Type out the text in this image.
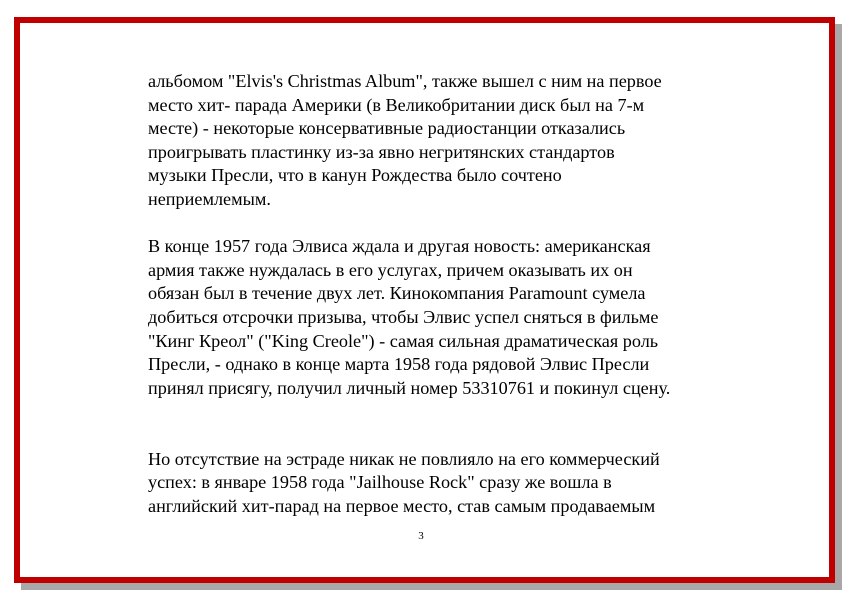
альбомом "Elvis's Christmas Album", также вышел с ним на первое
место хит- парада Америки (в Великобритании диск был на 7-м
месте) - некоторые консервативные радиостанции отказались
проигрывать пластинку из-за явно негритянских стандартов
музыки Пресли, что в канун Рождества было сочтено
неприемлемым.
В конце 1957 года Элвиса ждала и другая новость: американская
армия также нуждалась в его услугах, причем оказывать их он
обязан был в течение двух лет. Кинокомпания Paramount сумела
добиться отсрочки призыва, чтобы Элвис успел сняться в фильме
"Кинг Креол" ("King Creole") - самая сильная драматическая роль
Пресли, - однако в конце марта 1958 года рядовой Элвис Пресли
принял присягу, получил личный номер 53310761 и покинул сцену.
Но отсутствие на эстраде никак не повлияло на его коммерческий
успех: в январе 1958 года "Jailhouse Rock" сразу же вошла в
английский хит-парад на первое место, став самым продаваемым
3
